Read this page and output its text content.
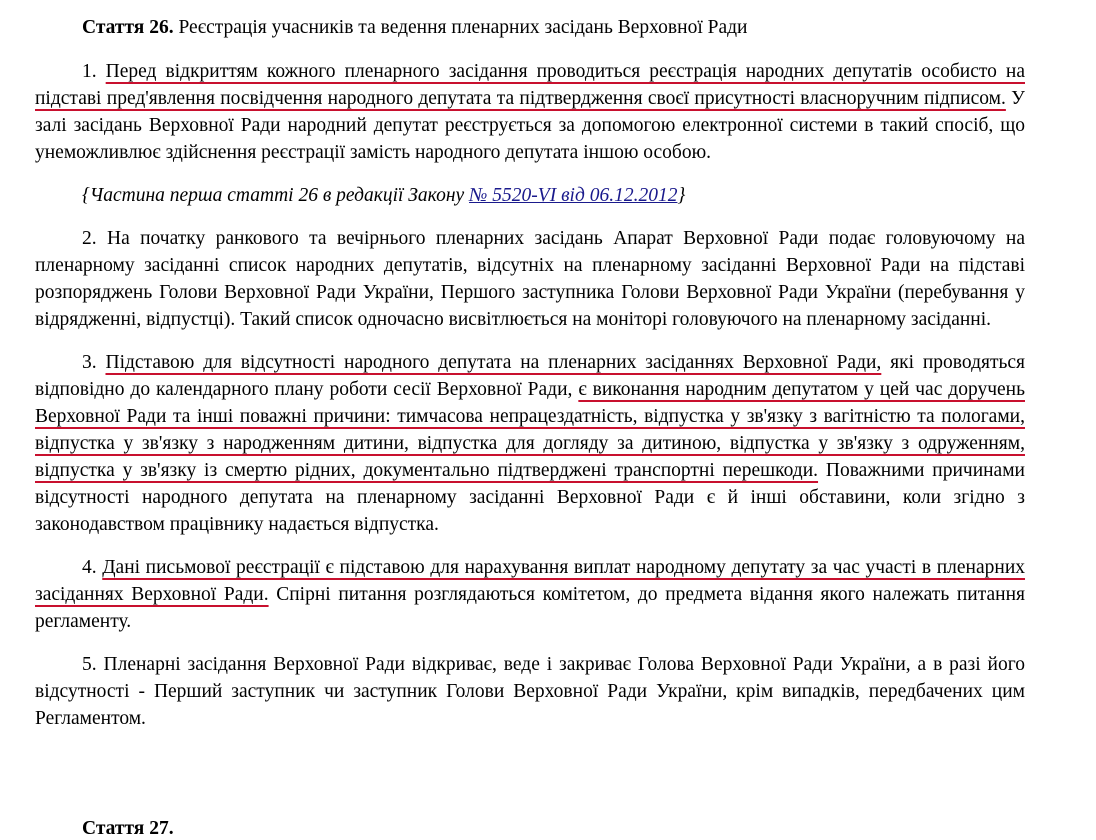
Стаття 26. Реєстрація учасників та ведення пленарних засідань Верховної Ради

1. Перед відкриттям кожного пленарного засідання проводиться реєстрація народних депутатів особисто на підставі пред'явлення посвідчення народного депутата та підтвердження своєї присутності власноручним підписом. У залі засідань Верховної Ради народний депутат реєструється за допомогою електронної системи в такий спосіб, що унеможливлює здійснення реєстрації замість народного депутата іншою особою.

{Частина перша статті 26 в редакції Закону № 5520-VI від 06.12.2012}

2. На початку ранкового та вечірнього пленарних засідань Апарат Верховної Ради подає головуючому на пленарному засіданні список народних депутатів, відсутніх на пленарному засіданні Верховної Ради на підставі розпоряджень Голови Верховної Ради України, Першого заступника Голови Верховної Ради України (перебування у відрядженні, відпустці). Такий список одночасно висвітлюється на моніторі головуючого на пленарному засіданні.

3. Підставою для відсутності народного депутата на пленарних засіданнях Верховної Ради, які проводяться відповідно до календарного плану роботи сесії Верховної Ради, є виконання народним депутатом у цей час доручень Верховної Ради та інші поважні причини: тимчасова непрацездатність, відпустка у зв'язку з вагітністю та пологами, відпустка у зв'язку з народженням дитини, відпустка для догляду за дитиною, відпустка у зв'язку з одруженням, відпустка у зв'язку із смертю рідних, документально підтверджені транспортні перешкоди. Поважними причинами відсутності народного депутата на пленарному засіданні Верховної Ради є й інші обставини, коли згідно з законодавством працівнику надається відпустка.

4. Дані письмової реєстрації є підставою для нарахування виплат народному депутату за час участі в пленарних засіданнях Верховної Ради. Спірні питання розглядаються комітетом, до предмета відання якого належать питання регламенту.

5. Пленарні засідання Верховної Ради відкриває, веде і закриває Голова Верховної Ради України, а в разі його відсутності - Перший заступник чи заступник Голови Верховної Ради України, крім випадків, передбачених цим Регламентом.

Стаття 27.
